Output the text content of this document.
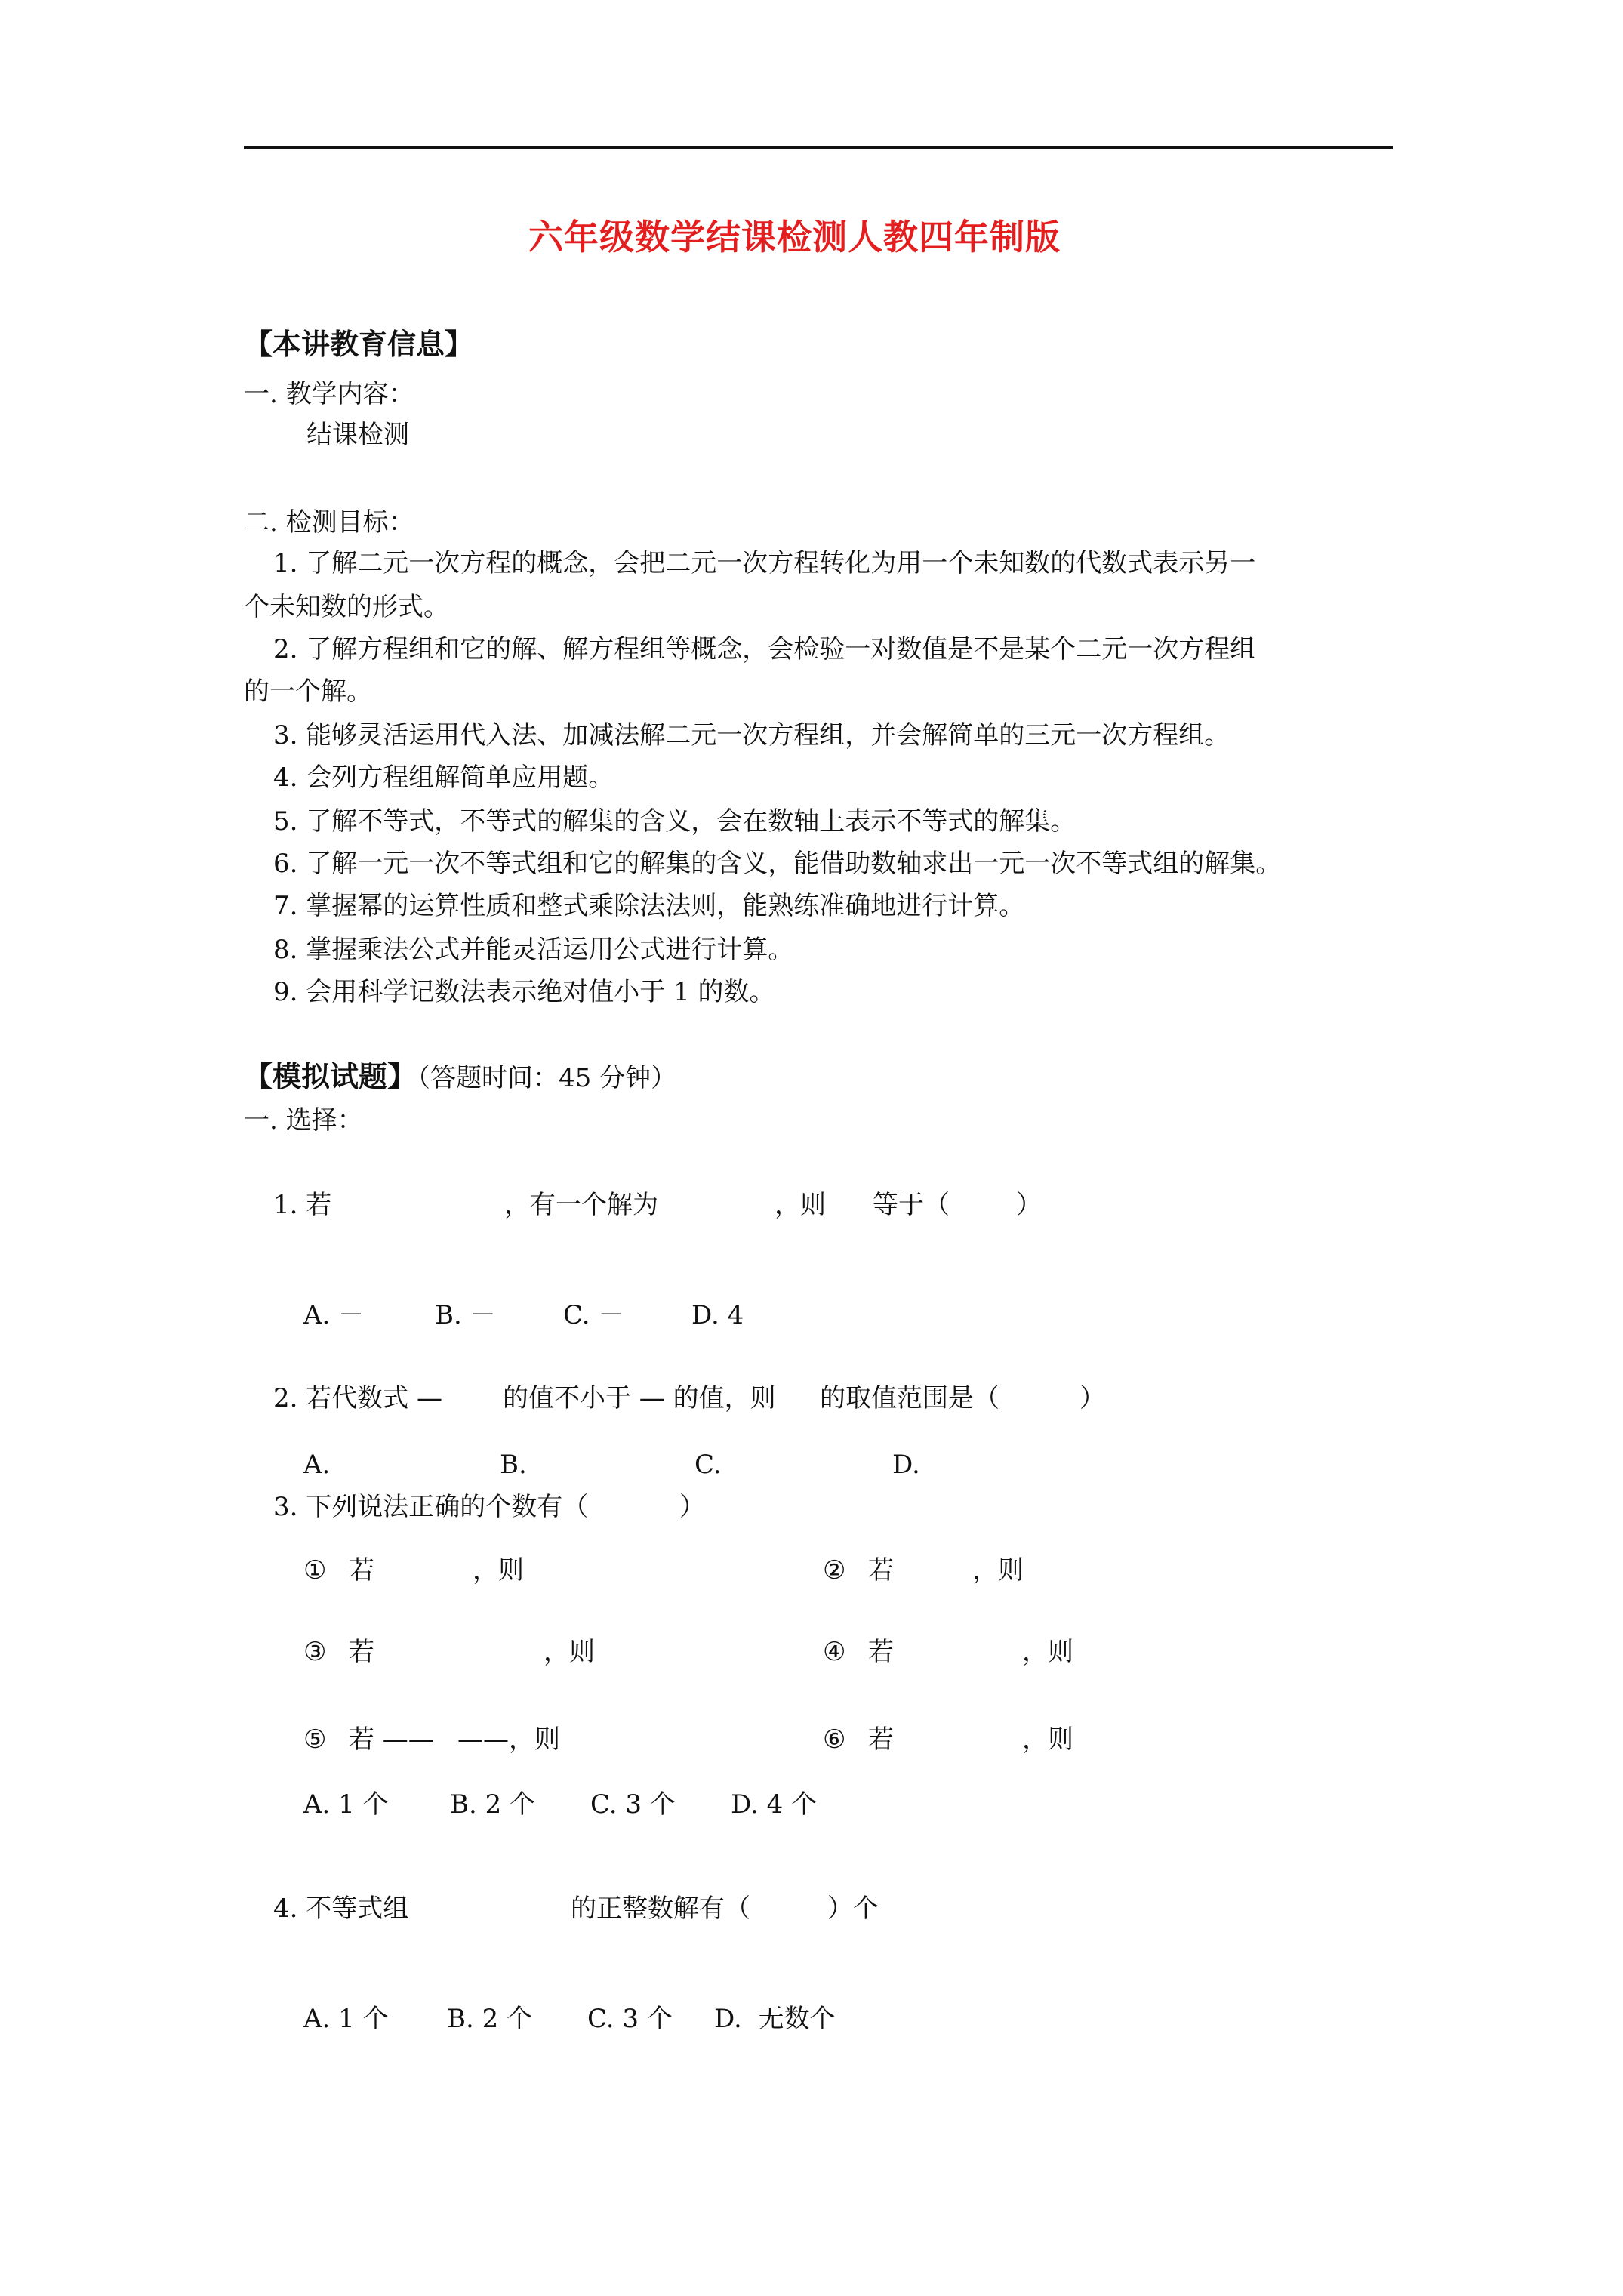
六年级数学结课检测人教四年制版
【本讲教育信息】
一. 教学内容：
结课检测
二. 检测目标：
1. 了解二元一次方程的概念，会把二元一次方程转化为用一个未知数的代数式表示另一
个未知数的形式。
2. 了解方程组和它的解、解方程组等概念，会检验一对数值是不是某个二元一次方程组
的一个解。
3. 能够灵活运用代入法、加减法解二元一次方程组，并会解简单的三元一次方程组。
4. 会列方程组解简单应用题。
5. 了解不等式，不等式的解集的含义，会在数轴上表示不等式的解集。
6. 了解一元一次不等式组和它的解集的含义，能借助数轴求出一元一次不等式组的解集。
7. 掌握幂的运算性质和整式乘除法法则，能熟练准确地进行计算。
8. 掌握乘法公式并能灵活运用公式进行计算。
9. 会用科学记数法表示绝对值小于 1 的数。
【模拟试题】
（答题时间：45 分钟）
一. 选择：
1. 若	，有一个解为	，则 等于（	）
A. －	B. －	C. －	D. 4
2. 若代数式 — 的值不小于 — 的值，则 的取值范围是（	）
A.	B.	C.	D.
3. 下列说法正确的个数有（	）
① 若	，则	② 若	，则
③ 若	，则	④ 若	，则
⑤ 若 —— ——，则	⑥ 若	，则
A. 1 个 B. 2 个 C. 3 个 D. 4 个
4. 不等式组	的正整数解有（	）个
A. 1 个 B. 2 个 C. 3 个 D.  无数个
